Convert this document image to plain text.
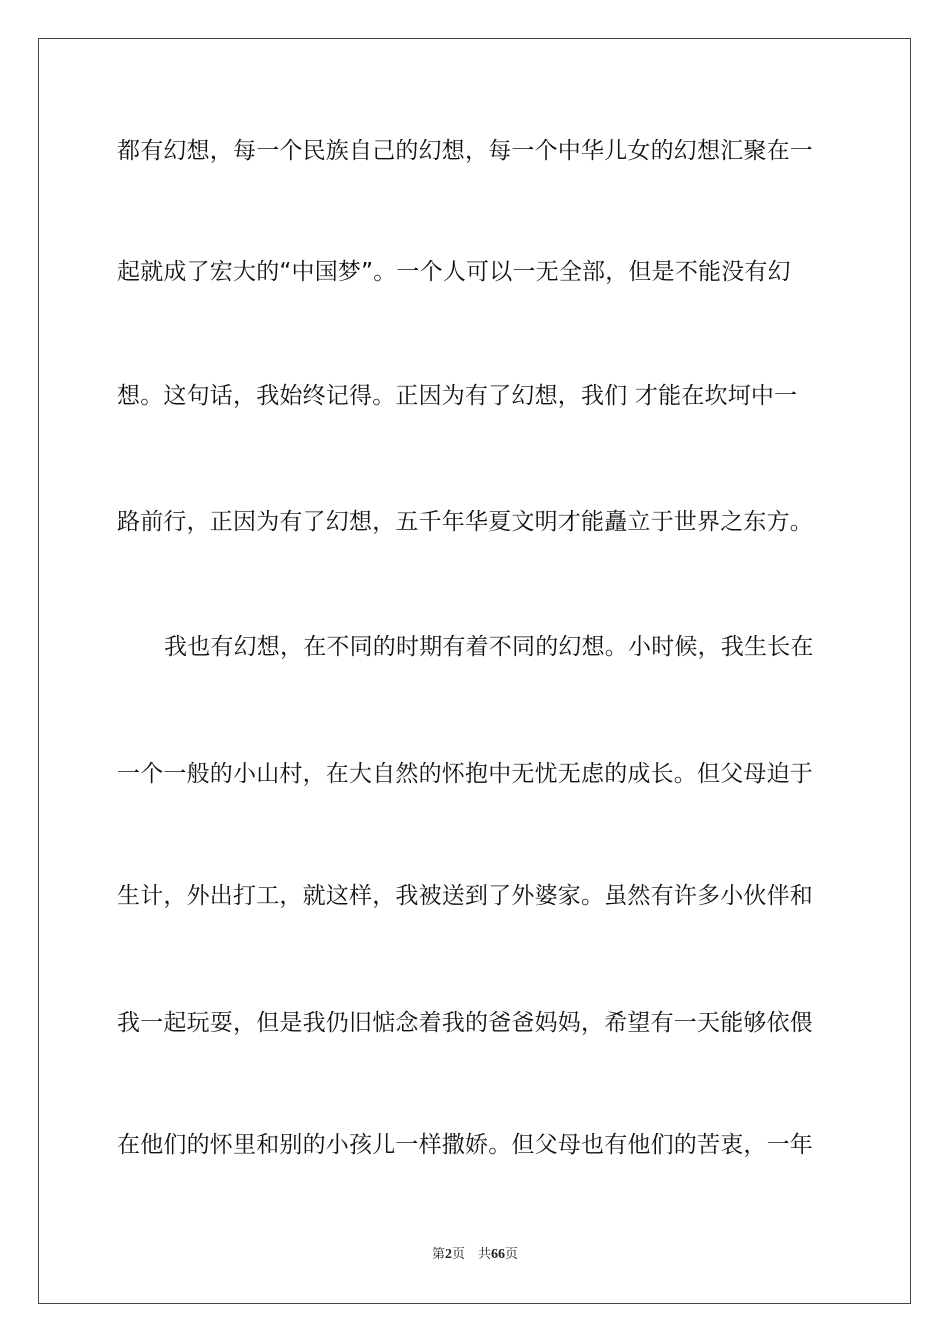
都有幻想，每一个民族自己的幻想，每一个中华儿女的幻想汇聚在一
起就成了宏大的“中国梦”。一个人可以一无全部，但是不能没有幻
想。这句话，我始终记得。正因为有了幻想，我们 才能在坎坷中一
路前行，正因为有了幻想，五千年华夏文明才能矗立于世界之东方。
我也有幻想，在不同的时期有着不同的幻想。小时候，我生长在
一个一般的小山村，在大自然的怀抱中无忧无虑的成长。但父母迫于
生计，外出打工，就这样，我被送到了外婆家。虽然有许多小伙伴和
我一起玩耍，但是我仍旧惦念着我的爸爸妈妈，希望有一天能够依偎
在他们的怀里和别的小孩儿一样撒娇。但父母也有他们的苦衷，一年
第2页　共66页
